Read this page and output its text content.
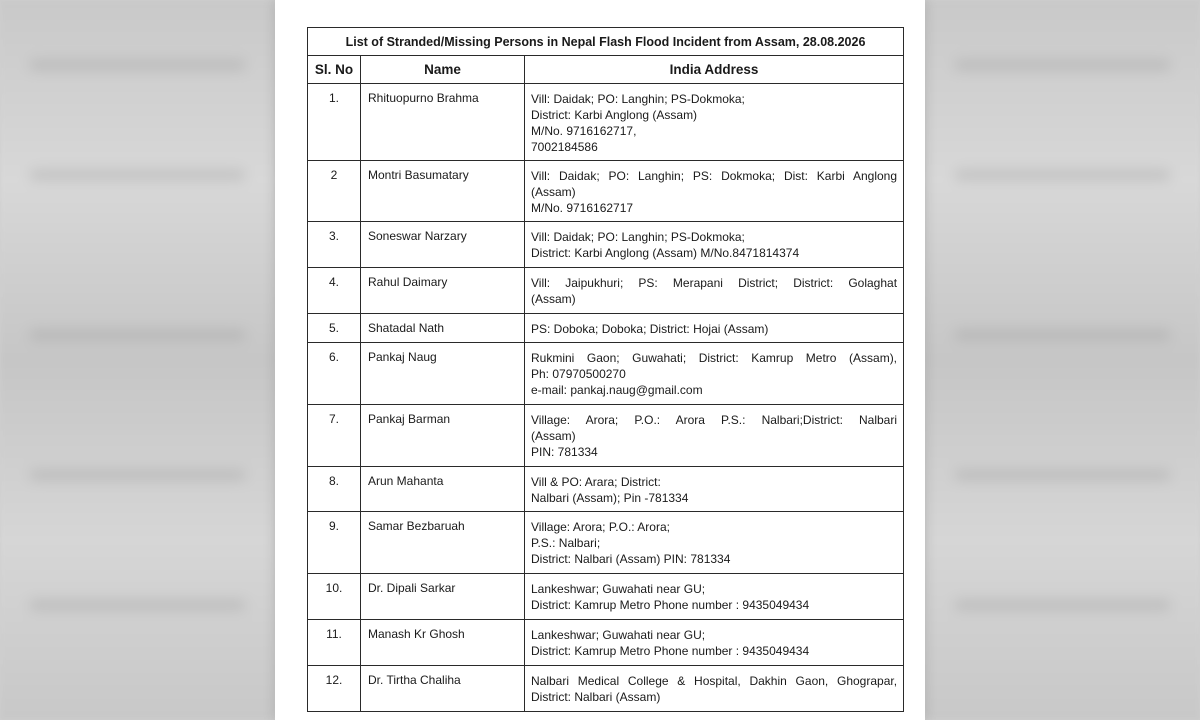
List of Stranded/Missing Persons in Nepal Flash Flood Incident from Assam, 28.08.2026		
Sl. No	Name	India Address

1.	Rhituopurno Brahma	Vill: Daidak; PO: Langhin; PS-Dokmoka;
District: Karbi Anglong (Assam)
M/No. 9716162717,
7002184586

2	Montri Basumatary	Vill: Daidak; PO: Langhin; PS: Dokmoka; Dist: Karbi Anglong
(Assam)
M/No. 9716162717

3.	Soneswar Narzary	Vill: Daidak; PO: Langhin; PS-Dokmoka;
District: Karbi Anglong (Assam) M/No.8471814374

4.	Rahul Daimary	Vill: Jaipukhuri; PS: Merapani District; District: Golaghat
(Assam)

5.	Shatadal Nath	PS: Doboka; Doboka; District: Hojai (Assam)

6.	Pankaj Naug	Rukmini Gaon; Guwahati; District: Kamrup Metro (Assam),
Ph: 07970500270
e-mail: pankaj.naug@gmail.com

7.	Pankaj Barman	Village: Arora; P.O.: Arora P.S.: Nalbari;District: Nalbari
(Assam)
PIN: 781334

8.	Arun Mahanta	Vill & PO: Arara; District:
Nalbari (Assam); Pin -781334

9.	Samar Bezbaruah	Village: Arora; P.O.: Arora;
P.S.: Nalbari;
District: Nalbari (Assam) PIN: 781334

10.	Dr. Dipali Sarkar	Lankeshwar; Guwahati near GU;
District: Kamrup Metro Phone number : 9435049434

11.	Manash Kr Ghosh	Lankeshwar; Guwahati near GU;
District: Kamrup Metro Phone number : 9435049434

12.	Dr. Tirtha Chaliha	Nalbari Medical College & Hospital, Dakhin Gaon, Ghograpar,
District: Nalbari (Assam)
